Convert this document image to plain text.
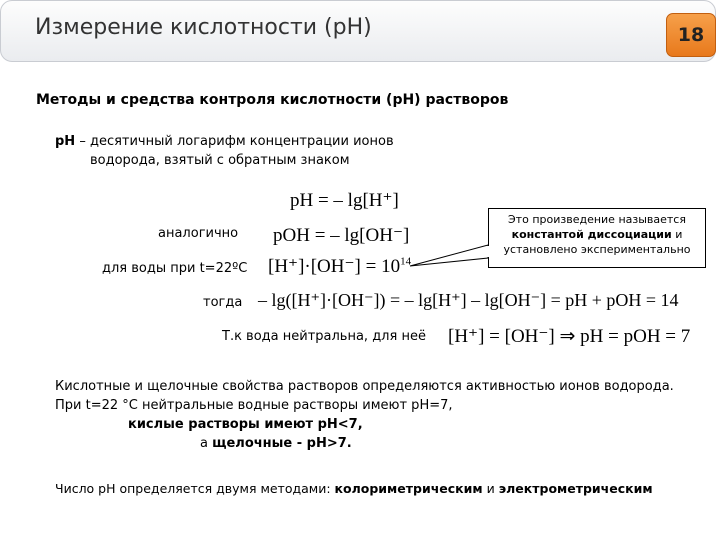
Измерение кислотности (рН)	18
Методы и средства контроля кислотности (рН) растворов
рН – десятичный логарифм концентрации ионов
водорода, взятый с обратным знаком
pH = – lg[H⁺]
аналогично pOH = – lg[OH⁻]
для воды при t=22ºC $[H^+]\cdot[OH^-] = 10^{14}$
Это произведение называется
константой диссоциации и
установлено экспериментально
тогда – lg([H⁺]·[OH⁻]) = – lg[H⁺] – lg[OH⁻] = pH + pOH = 14
Т.к вода нейтральна, для неё [H⁺] = [OH⁻] ⇒ pH = pOH = 7
Кислотные и щелочные свойства растворов определяются активностью ионов водорода.
При t=22 °С нейтральные водные растворы имеют рН=7,
кислые растворы имеют рН<7,
а щелочные - рН>7.
Число рН определяется двумя методами: колориметрическим и электрометрическим
